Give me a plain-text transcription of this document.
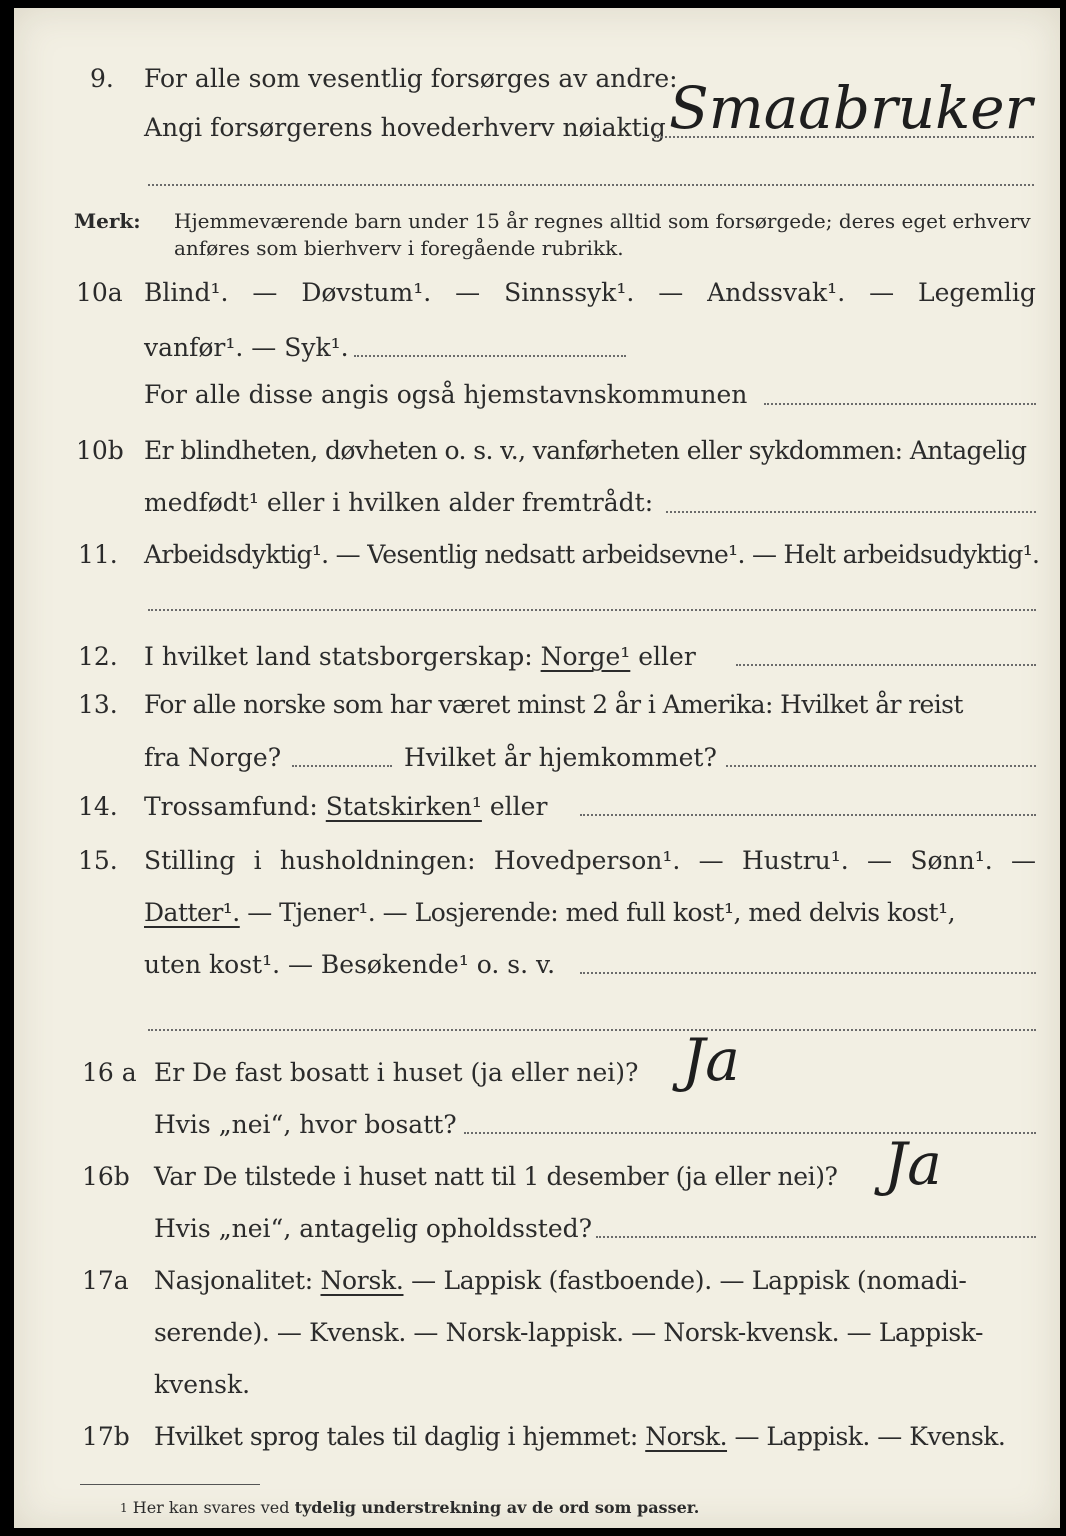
9. For alle som vesentlig forsørges av andre:
Angi forsørgerens hovederhverv nøiaktig Smaabruker
Merk: Hjemmeværende barn under 15 år regnes alltid som forsørgede; deres eget erhverv
anføres som bierhverv i foregående rubrikk.
10a Blind¹. — Døvstum¹. — Sinnssyk¹. — Andssvak¹. — Legemlig
vanfør¹. — Syk¹.
For alle disse angis også hjemstavnskommunen
10b Er blindheten, døvheten o. s. v., vanførheten eller sykdommen: Antagelig
medfødt¹ eller i hvilken alder fremtrådt:
11. Arbeidsdyktig¹. — Vesentlig nedsatt arbeidsevne¹. — Helt arbeidsudyktig¹.
12. I hvilket land statsborgerskap: Norge¹ eller
13. For alle norske som har været minst 2 år i Amerika: Hvilket år reist
fra Norge?	Hvilket år hjemkommet?
14. Trossamfund: Statskirken¹ eller
15. Stilling i husholdningen: Hovedperson¹. — Hustru¹. — Sønn¹. —
Datter¹. — Tjener¹. — Losjerende: med full kost¹, med delvis kost¹,
uten kost¹. — Besøkende¹ o. s. v.
16 a Er De fast bosatt i huset (ja eller nei)? Ja
Hvis „nei“, hvor bosatt?
16b Var De tilstede i huset natt til 1 desember (ja eller nei)? Ja
Hvis „nei“, antagelig opholdssted?
17a Nasjonalitet: Norsk. — Lappisk (fastboende). — Lappisk (nomadi-
serende). — Kvensk. — Norsk-lappisk. — Norsk-kvensk. — Lappisk-
kvensk.
17b Hvilket sprog tales til daglig i hjemmet: Norsk. — Lappisk. — Kvensk.
$^1$ Her kan svares ved tydelig understrekning av de ord som passer.
